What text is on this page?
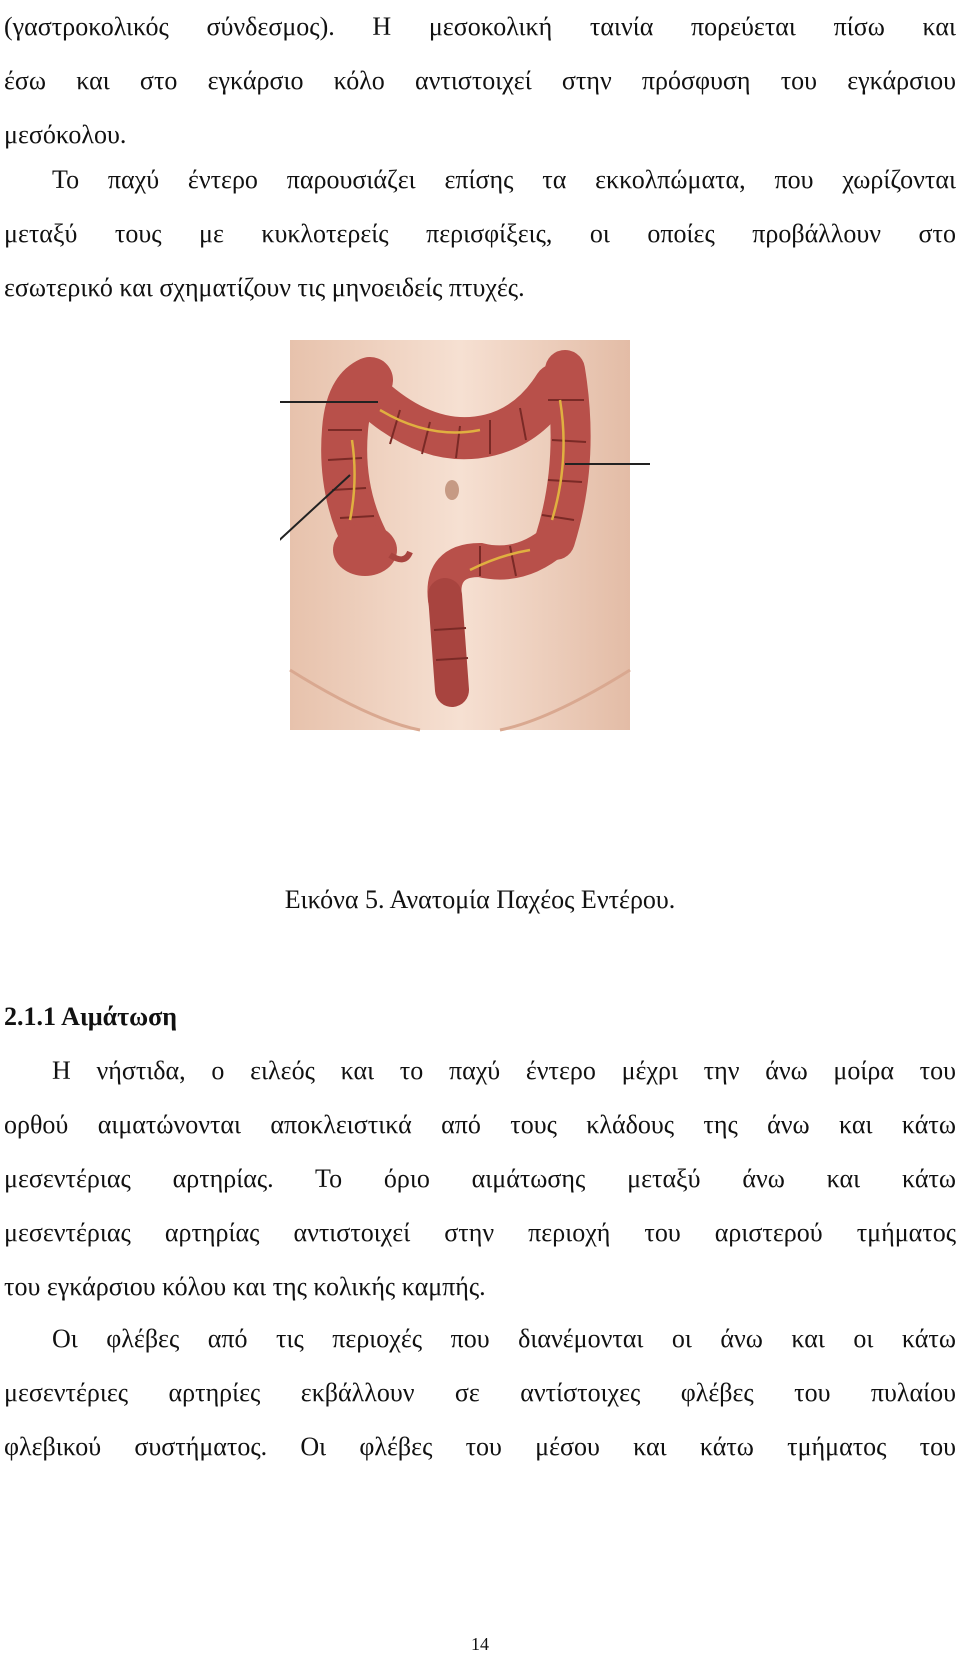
(γαστροκολικός σύνδεσμος). Η μεσοκολική ταινία πορεύεται πίσω και
έσω και στο εγκάρσιο κόλο αντιστοιχεί στην πρόσφυση του εγκάρσιου
μεσόκολου.
Το παχύ έντερο παρουσιάζει επίσης τα εκκολπώματα, που χωρίζονται
μεταξύ τους με κυκλοτερείς περισφίξεις, οι οποίες προβάλλουν στο
εσωτερικό και σχηματίζουν τις μηνοειδείς πτυχές.
Εικόνα 5. Ανατομία Παχέος Εντέρου.
2.1.1 Αιμάτωση
Η νήστιδα, ο ειλεός και το παχύ έντερο μέχρι την άνω μοίρα του
ορθού αιματώνονται αποκλειστικά από τους κλάδους της άνω και κάτω
μεσεντέριας αρτηρίας. Το όριο αιμάτωσης μεταξύ άνω και κάτω
μεσεντέριας αρτηρίας αντιστοιχεί στην περιοχή του αριστερού τμήματος
του εγκάρσιου κόλου και της κολικής καμπής.
Οι φλέβες από τις περιοχές που διανέμονται οι άνω και οι κάτω
μεσεντέριες αρτηρίες εκβάλλουν σε αντίστοιχες φλέβες του πυλαίου
φλεβικού συστήματος. Οι φλέβες του μέσου και κάτω τμήματος του
14
